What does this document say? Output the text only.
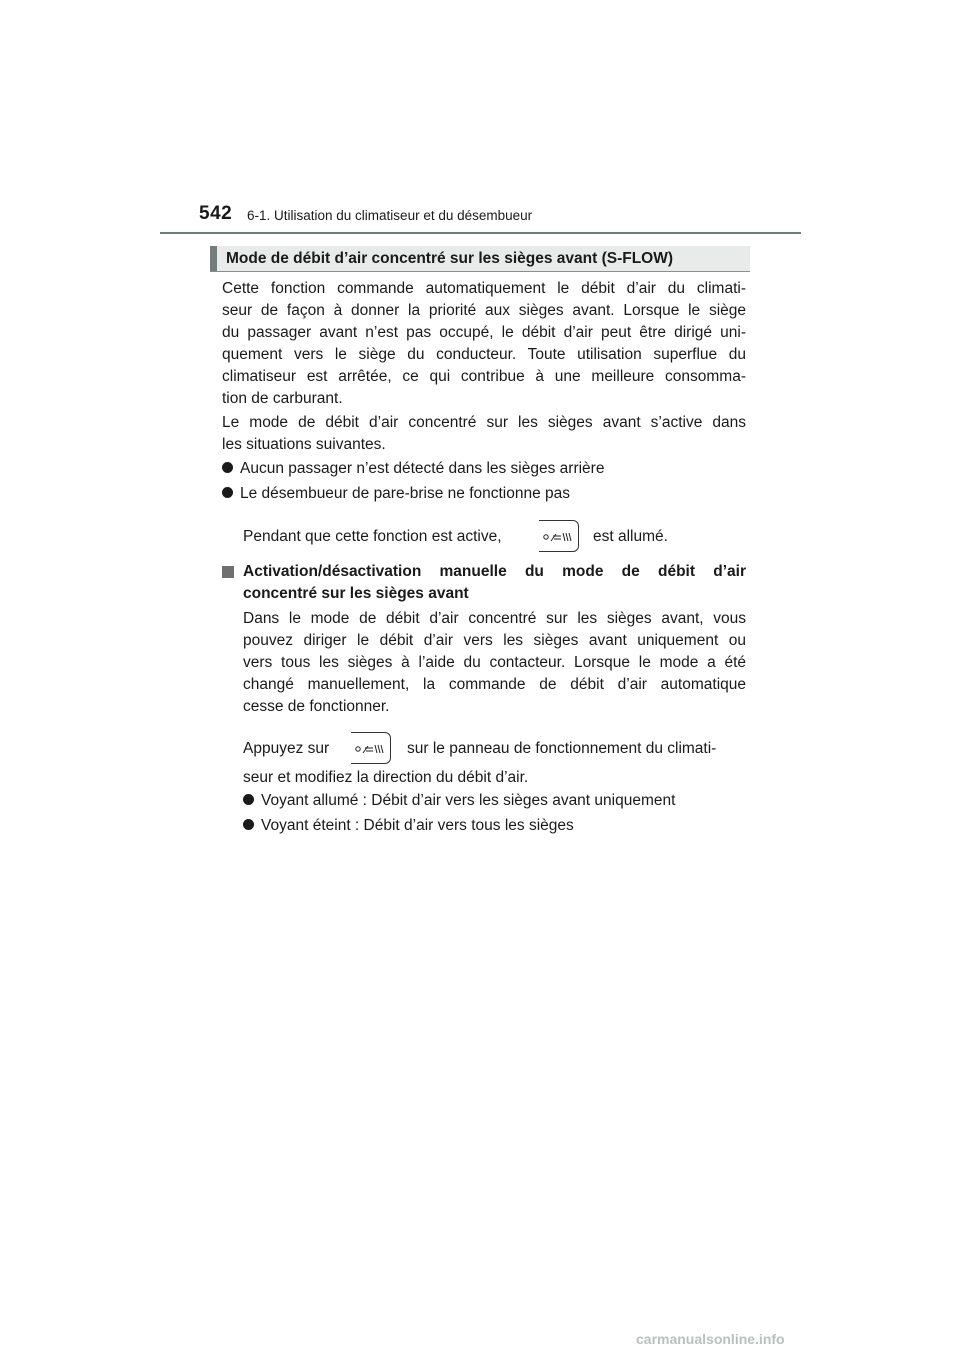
542 6-1. Utilisation du climatiseur et du désembueur
Mode de débit d’air concentré sur les sièges avant (S-FLOW)
Cette fonction commande automatiquement le débit d’air du climati-
seur de façon à donner la priorité aux sièges avant. Lorsque le siège
du passager avant n’est pas occupé, le débit d’air peut être dirigé uni-
quement vers le siège du conducteur. Toute utilisation superflue du
climatiseur est arrêtée, ce qui contribue à une meilleure consomma-
tion de carburant.
Le mode de débit d’air concentré sur les sièges avant s’active dans
les situations suivantes.
Aucun passager n’est détecté dans les sièges arrière
Le désembueur de pare-brise ne fonctionne pas
Pendant que cette fonction est active,	est allumé.
Activation/désactivation manuelle du mode de débit d’air
concentré sur les sièges avant
Dans le mode de débit d’air concentré sur les sièges avant, vous
pouvez diriger le débit d’air vers les sièges avant uniquement ou
vers tous les sièges à l’aide du contacteur. Lorsque le mode a été
changé manuellement, la commande de débit d’air automatique
cesse de fonctionner.
Appuyez sur	sur le panneau de fonctionnement du climati-
seur et modifiez la direction du débit d’air.
Voyant allumé : Débit d’air vers les sièges avant uniquement
Voyant éteint : Débit d’air vers tous les sièges
carmanualsonline.info
